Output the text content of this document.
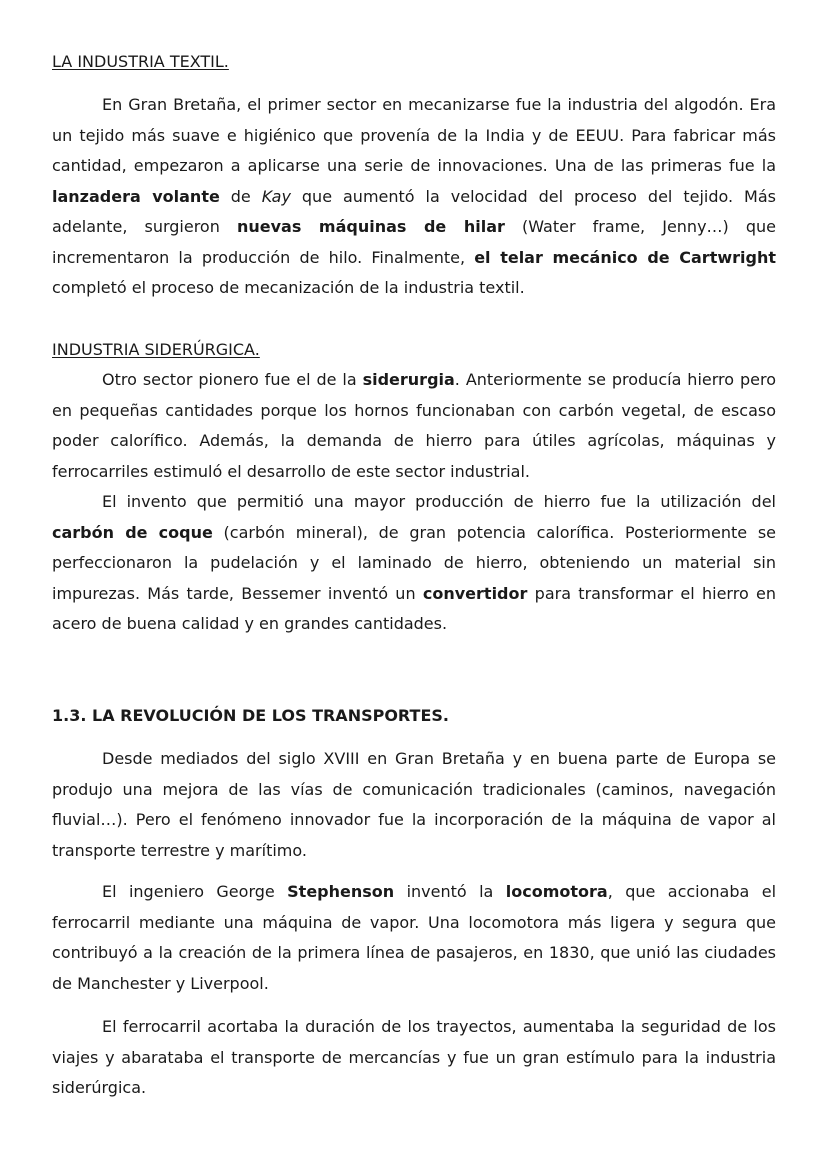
LA INDUSTRIA TEXTIL.

En Gran Bretaña, el primer sector en mecanizarse fue la industria del algodón. Era un tejido más suave e higiénico que provenía de la India y de EEUU. Para fabricar más cantidad, empezaron a aplicarse una serie de innovaciones. Una de las primeras fue la lanzadera volante de Kay que aumentó la velocidad del proceso del tejido. Más adelante, surgieron nuevas máquinas de hilar (Water frame, Jenny…) que incrementaron la producción de hilo. Finalmente, el telar mecánico de Cartwright completó el proceso de mecanización de la industria textil.

INDUSTRIA SIDERÚRGICA.

Otro sector pionero fue el de la siderurgia. Anteriormente se producía hierro pero en pequeñas cantidades porque los hornos funcionaban con carbón vegetal, de escaso poder calorífico. Además, la demanda de hierro para útiles agrícolas, máquinas y ferrocarriles estimuló el desarrollo de este sector industrial.

El invento que permitió una mayor producción de hierro fue la utilización del carbón de coque (carbón mineral), de gran potencia calorífica. Posteriormente se perfeccionaron la pudelación y el laminado de hierro, obteniendo un material sin impurezas. Más tarde, Bessemer inventó un convertidor para transformar el hierro en acero de buena calidad y en grandes cantidades.

1.3. LA REVOLUCIÓN DE LOS TRANSPORTES.

Desde mediados del siglo XVIII en Gran Bretaña y en buena parte de Europa se produjo una mejora de las vías de comunicación tradicionales (caminos, navegación fluvial…). Pero el fenómeno innovador fue la incorporación de la máquina de vapor al transporte terrestre y marítimo.

El ingeniero George Stephenson inventó la locomotora, que accionaba el ferrocarril mediante una máquina de vapor. Una locomotora más ligera y segura que contribuyó a la creación de la primera línea de pasajeros, en 1830, que unió las ciudades de Manchester y Liverpool.

El ferrocarril acortaba la duración de los trayectos, aumentaba la seguridad de los viajes y abarataba el transporte de mercancías y fue un gran estímulo para la industria siderúrgica.
